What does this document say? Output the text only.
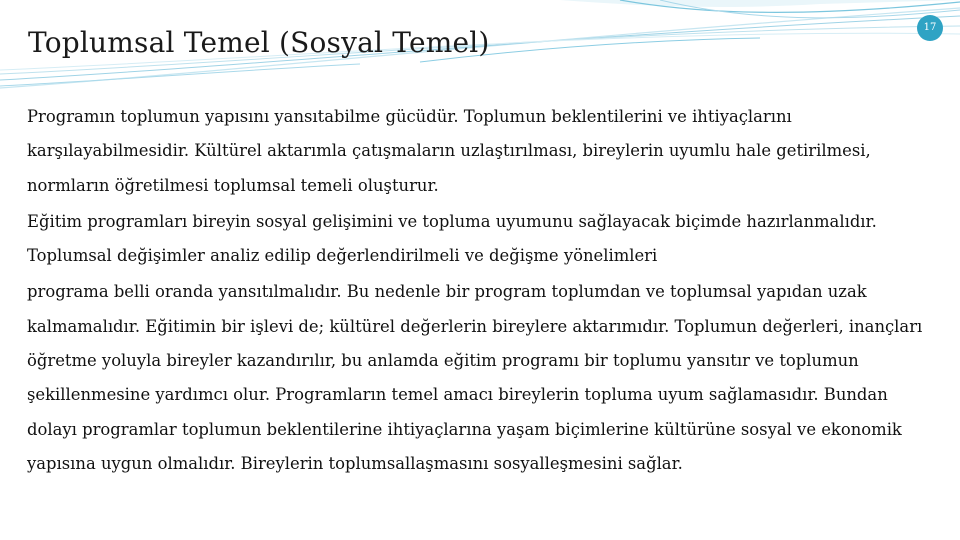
Toplumsal Temel (Sosyal Temel)	17

Programın toplumun yapısını yansıtabilme gücüdür. Toplumun beklentilerini ve ihtiyaçlarını karşılayabilmesidir. Kültürel aktarımla çatışmaların uzlaştırılması, bireylerin uyumlu hale getirilmesi, normların öğretilmesi toplumsal temeli oluşturur.

Eğitim programları bireyin sosyal gelişimini ve topluma uyumunu sağlayacak biçimde hazırlanmalıdır. Toplumsal değişimler analiz edilip değerlendirilmeli ve değişme yönelimleri

programa belli oranda yansıtılmalıdır. Bu nedenle bir program toplumdan ve toplumsal yapıdan uzak kalmamalıdır. Eğitimin bir işlevi de; kültürel değerlerin bireylere aktarımıdır. Toplumun değerleri, inançları öğretme yoluyla bireyler kazandırılır, bu anlamda eğitim programı bir toplumu yansıtır ve toplumun şekillenmesine yardımcı olur. Programların temel amacı bireylerin topluma uyum sağlamasıdır. Bundan dolayı programlar toplumun beklentilerine ihtiyaçlarına yaşam biçimlerine kültürüne sosyal ve ekonomik yapısına uygun olmalıdır. Bireylerin toplumsallaşmasını sosyalleşmesini sağlar.
